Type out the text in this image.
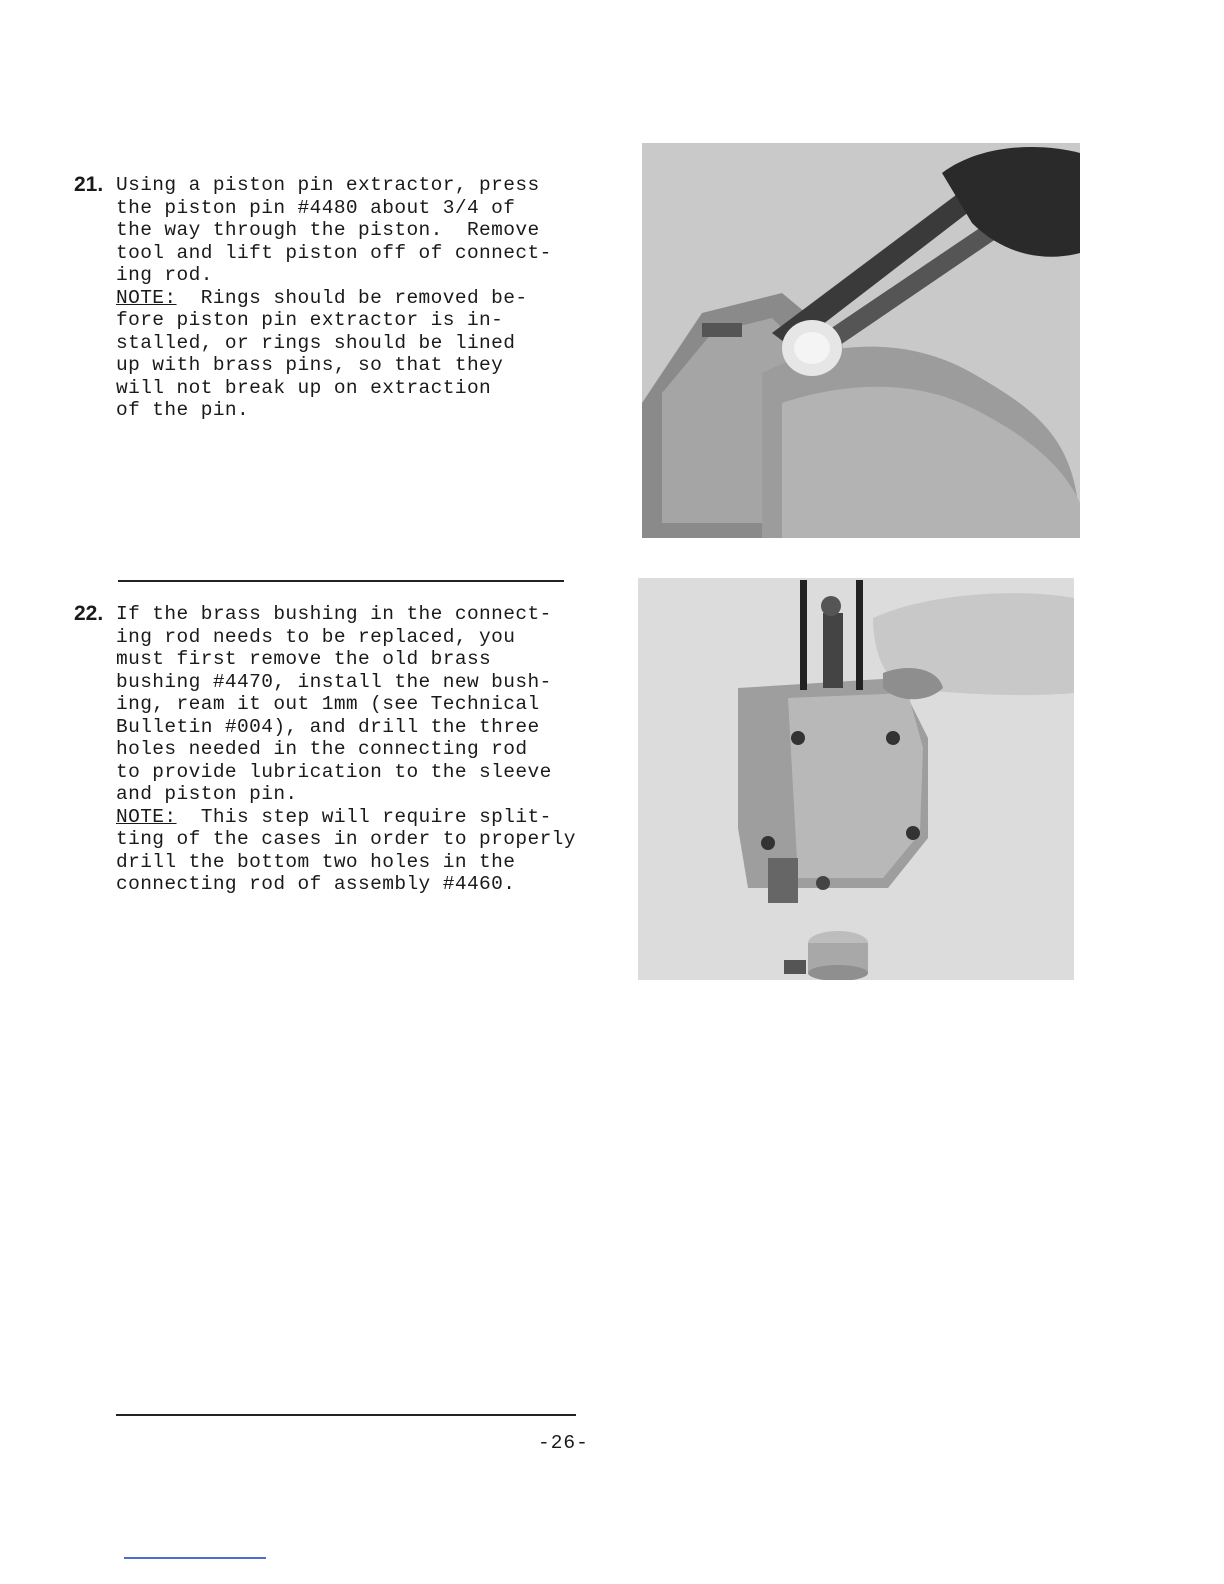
21. Using a piston pin extractor, press
the piston pin #4480 about 3/4 of
the way through the piston.  Remove
tool and lift piston off of connect-
ing rod.
NOTE:  Rings should be removed be-
fore piston pin extractor is in-
stalled, or rings should be lined
up with brass pins, so that they
will not break up on extraction
of the pin.
22. If the brass bushing in the connect-
ing rod needs to be replaced, you
must first remove the old brass
bushing #4470, install the new bush-
ing, ream it out 1mm (see Technical
Bulletin #004), and drill the three
holes needed in the connecting rod
to provide lubrication to the sleeve
and piston pin.
NOTE:  This step will require split-
ting of the cases in order to properly
drill the bottom two holes in the
connecting rod of assembly #4460.
-26-
